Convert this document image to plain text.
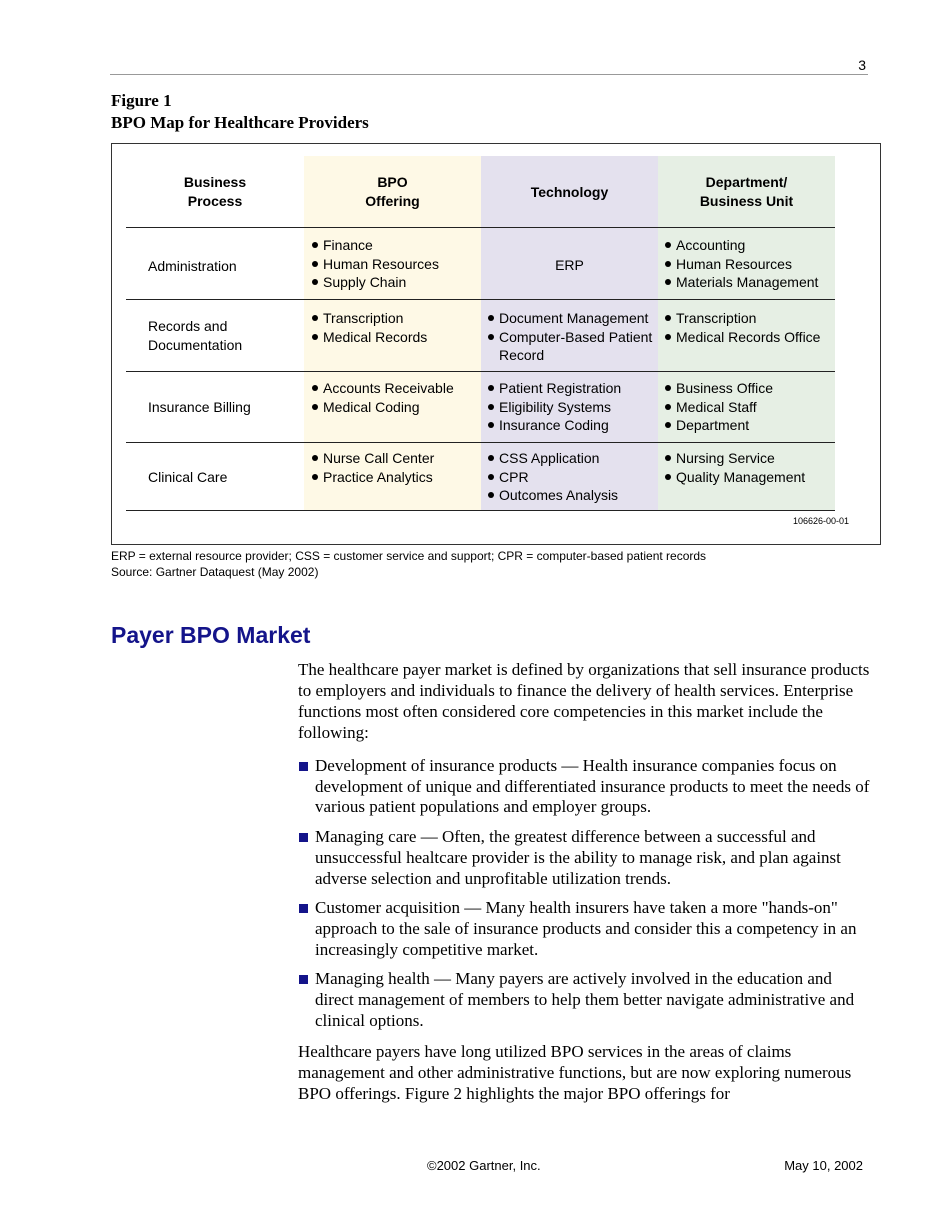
3
Figure 1
BPO Map for Healthcare Providers
Business
Process
BPO
Offering
Technology
Department/
Business Unit
Administration
Finance
Human Resources
Supply Chain
ERP
Accounting
Human Resources
Materials Management
Records and
Documentation
Transcription
Medical Records
Document Management
Computer-Based Patient
Record
Transcription
Medical Records Office
Insurance Billing
Accounts Receivable
Medical Coding
Patient Registration
Eligibility Systems
Insurance Coding
Business Office
Medical Staff
Department
Clinical Care
Nurse Call Center
Practice Analytics
CSS Application
CPR
Outcomes Analysis
Nursing Service
Quality Management
106626-00-01
ERP = external resource provider; CSS = customer service and support; CPR = computer-based patient records
Source: Gartner Dataquest (May 2002)
Payer BPO Market
The healthcare payer market is defined by organizations that sell insurance products to employers and individuals to finance the delivery of health services. Enterprise functions most often considered core competencies in this market include the following:
Development of insurance products — Health insurance companies focus on development of unique and differentiated insurance products to meet the needs of various patient populations and employer groups.
Managing care — Often, the greatest difference between a successful and unsuccessful healtcare provider is the ability to manage risk, and plan against adverse selection and unprofitable utilization trends.
Customer acquisition — Many health insurers have taken a more "hands-on" approach to the sale of insurance products and consider this a competency in an increasingly competitive market.
Managing health — Many payers are actively involved in the education and direct management of members to help them better navigate administrative and clinical options.
Healthcare payers have long utilized BPO services in the areas of claims management and other administrative functions, but are now exploring numerous BPO offerings. Figure 2 highlights the major BPO offerings for
©2002 Gartner, Inc.	May 10, 2002
